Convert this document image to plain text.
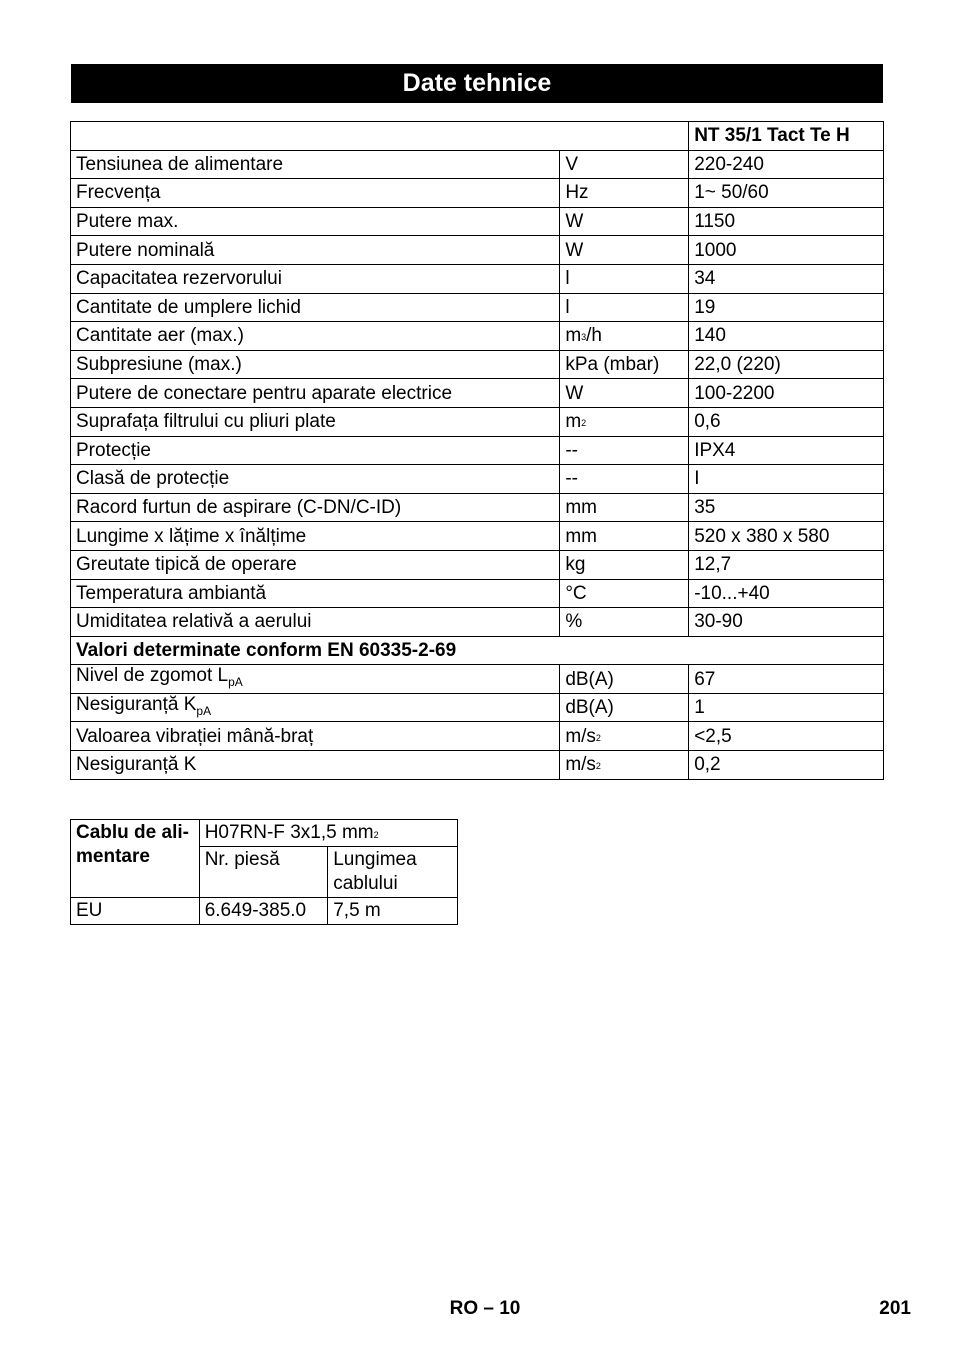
Date tehnice
		NT 35/1 Tact Te H
Tensiunea de alimentare	V	220-240
Frecvența	Hz	1~ 50/60
Putere max.	W	1150
Putere nominală	W	1000
Capacitatea rezervorului	l	34
Cantitate de umplere lichid	l	19
Cantitate aer (max.)	$m^3/h$	140
Subpresiune (max.)	kPa (mbar)	22,0 (220)
Putere de conectare pentru aparate electrice	W	100-2200
Suprafața filtrului cu pliuri plate	$m^2$	0,6
Protecție	--	IPX4
Clasă de protecție	--	I
Racord furtun de aspirare (C-DN/C-ID)	mm	35
Lungime x lățime x înălțime	mm	520 x 380 x 580
Greutate tipică de operare	kg	12,7
Temperatura ambiantă	°C	-10...+40
Umiditatea relativă a aerului	%	30-90
Valori determinate conform EN 60335-2-69		
Nivel de zgomot $L_{pA}$	dB(A)	67
Nesiguranță $K_{pA}$	dB(A)	1
Valoarea vibrației mână-braț	$m/s^2$	<2,5
Nesiguranță K	$m/s^2$	0,2
Cablu de ali-mentare	H07RN-F 3x1,5 $mm^2$
	Nr. piesă	Lungimea cablului
EU	6.649-385.0	7,5 m
RO – 10	201
